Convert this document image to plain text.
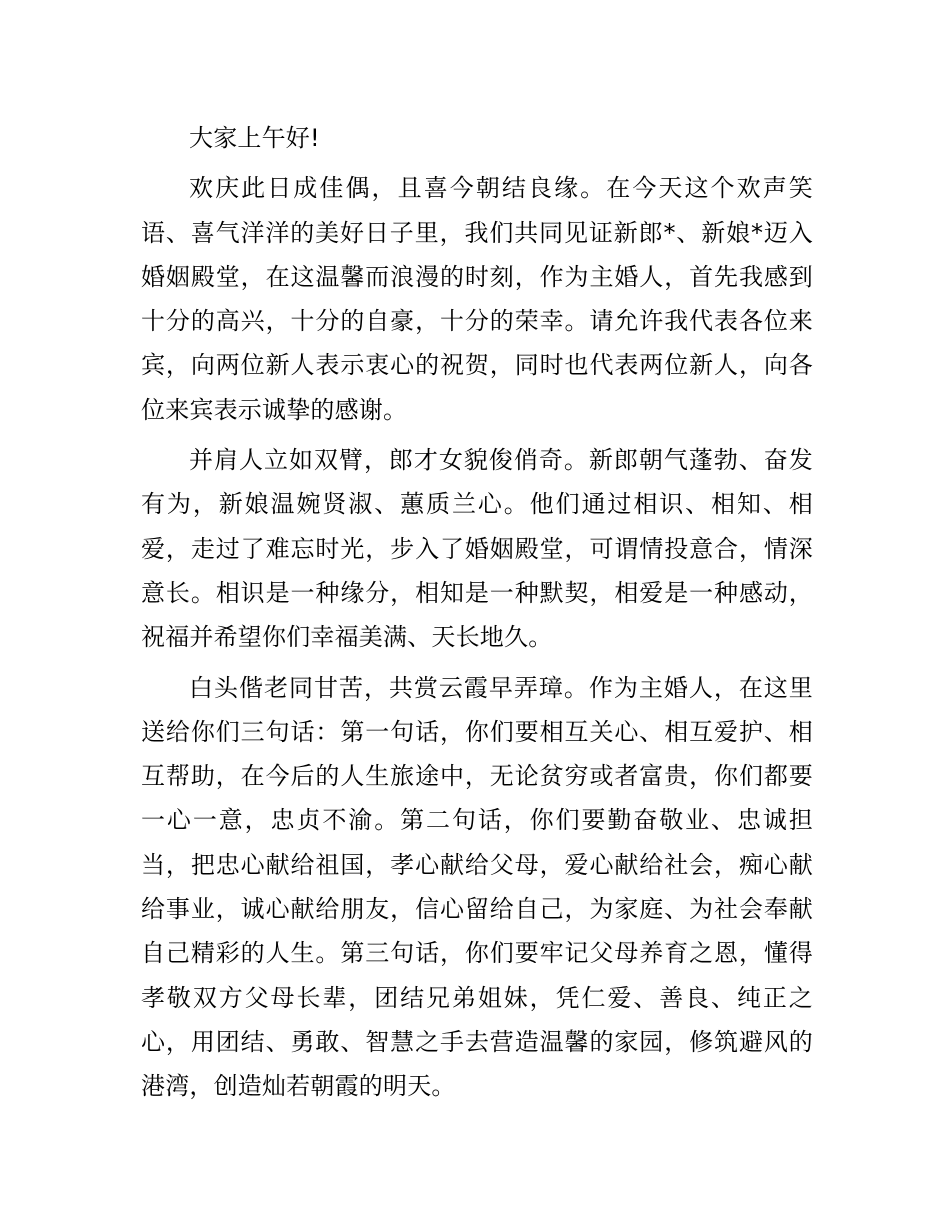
大家上午好!

欢庆此日成佳偶，且喜今朝结良缘。在今天这个欢声笑语、喜气洋洋的美好日子里，我们共同见证新郎*、新娘*迈入婚姻殿堂，在这温馨而浪漫的时刻，作为主婚人，首先我感到十分的高兴，十分的自豪，十分的荣幸。请允许我代表各位来宾，向两位新人表示衷心的祝贺，同时也代表两位新人，向各位来宾表示诚挚的感谢。

并肩人立如双臂，郎才女貌俊俏奇。新郎朝气蓬勃、奋发有为，新娘温婉贤淑、蕙质兰心。他们通过相识、相知、相爱，走过了难忘时光，步入了婚姻殿堂，可谓情投意合，情深意长。相识是一种缘分，相知是一种默契，相爱是一种感动，祝福并希望你们幸福美满、天长地久。

白头偕老同甘苦，共赏云霞早弄璋。作为主婚人，在这里送给你们三句话：第一句话，你们要相互关心、相互爱护、相互帮助，在今后的人生旅途中，无论贫穷或者富贵，你们都要一心一意，忠贞不渝。第二句话，你们要勤奋敬业、忠诚担当，把忠心献给祖国，孝心献给父母，爱心献给社会，痴心献给事业，诚心献给朋友，信心留给自己，为家庭、为社会奉献自己精彩的人生。第三句话，你们要牢记父母养育之恩，懂得孝敬双方父母长辈，团结兄弟姐妹，凭仁爱、善良、纯正之心，用团结、勇敢、智慧之手去营造温馨的家园，修筑避风的港湾，创造灿若朝霞的明天。
